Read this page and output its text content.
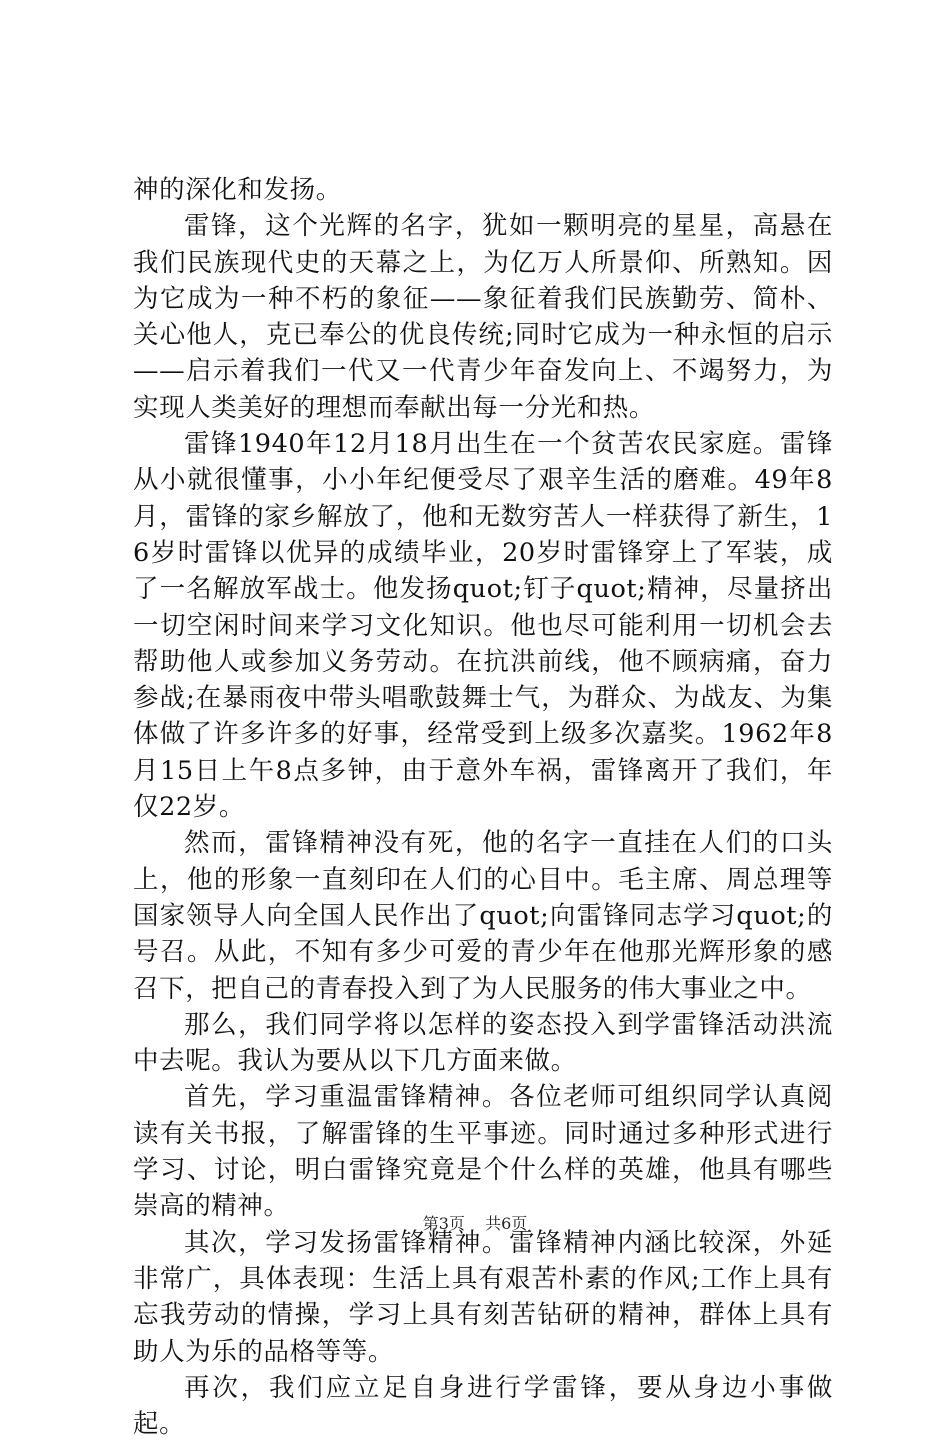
神的深化和发扬。

雷锋，这个光辉的名字，犹如一颗明亮的星星，高悬在我们民族现代史的天幕之上，为亿万人所景仰、所熟知。因为它成为一种不朽的象征——象征着我们民族勤劳、简朴、关心他人，克已奉公的优良传统;同时它成为一种永恒的启示——启示着我们一代又一代青少年奋发向上、不竭努力，为实现人类美好的理想而奉献出每一分光和热。

雷锋1940年12月18月出生在一个贫苦农民家庭。雷锋从小就很懂事，小小年纪便受尽了艰辛生活的磨难。49年8月，雷锋的家乡解放了，他和无数穷苦人一样获得了新生，16岁时雷锋以优异的成绩毕业，20岁时雷锋穿上了军装，成了一名解放军战士。他发扬quot;钉子quot;精神，尽量挤出一切空闲时间来学习文化知识。他也尽可能利用一切机会去帮助他人或参加义务劳动。在抗洪前线，他不顾病痛，奋力参战;在暴雨夜中带头唱歌鼓舞士气，为群众、为战友、为集体做了许多许多的好事，经常受到上级多次嘉奖。1962年8月15日上午8点多钟，由于意外车祸，雷锋离开了我们，年仅22岁。

然而，雷锋精神没有死，他的名字一直挂在人们的口头上，他的形象一直刻印在人们的心目中。毛主席、周总理等国家领导人向全国人民作出了quot;向雷锋同志学习quot;的号召。从此，不知有多少可爱的青少年在他那光辉形象的感召下，把自己的青春投入到了为人民服务的伟大事业之中。

那么，我们同学将以怎样的姿态投入到学雷锋活动洪流中去呢。我认为要从以下几方面来做。

首先，学习重温雷锋精神。各位老师可组织同学认真阅读有关书报，了解雷锋的生平事迹。同时通过多种形式进行学习、讨论，明白雷锋究竟是个什么样的英雄，他具有哪些崇高的精神。

其次，学习发扬雷锋精神。雷锋精神内涵比较深，外延非常广，具体表现：生活上具有艰苦朴素的作风;工作上具有忘我劳动的情操，学习上具有刻苦钻研的精神，群体上具有助人为乐的品格等等。

再次，我们应立足自身进行学雷锋，要从身边小事做起。

第3页 共6页
